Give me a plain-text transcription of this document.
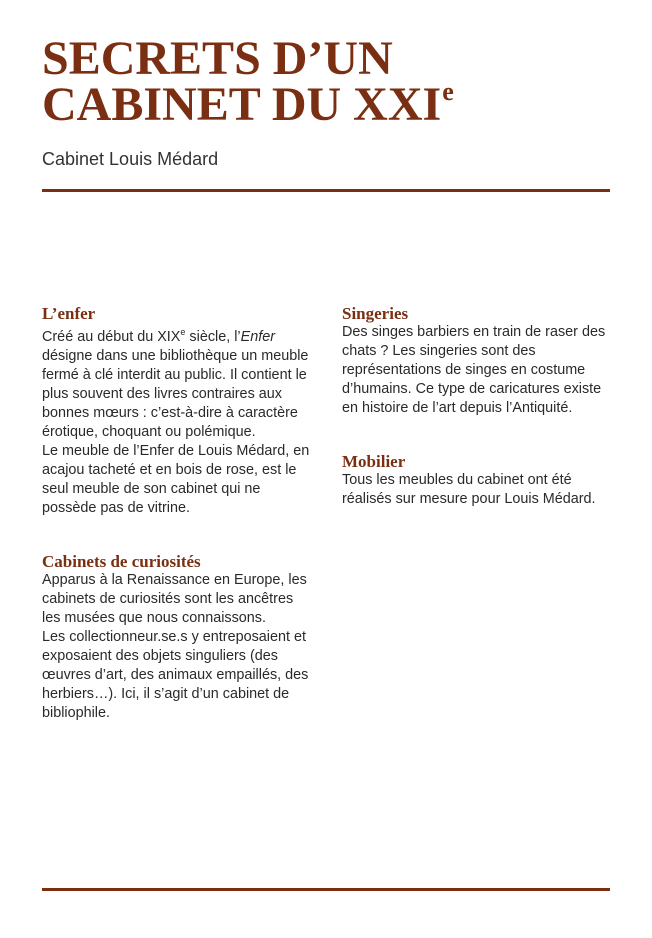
SECRETS D’UN
CABINET DU XXIe
Cabinet Louis Médard
L’enfer

Créé au début du XIXe siècle, l’Enfer désigne dans une bibliothèque un meuble fermé à clé interdit au public. Il contient le plus souvent des livres contraires aux bonnes mœurs : c’est-à-dire à caractère érotique, choquant ou polémique.

Le meuble de l’Enfer de Louis Médard, en acajou tacheté et en bois de rose, est le seul meuble de son cabinet qui ne possède pas de vitrine.

Cabinets de curiosités

Apparus à la Renaissance en Europe, les cabinets de curiosités sont les ancêtres les musées que nous connaissons.

Les collectionneur.se.s y entreposaient et exposaient des objets singuliers (des œuvres d’art, des animaux empaillés, des herbiers…). Ici, il s’agit d’un cabinet de bibliophile.

Singeries

Des singes barbiers en train de raser des chats ? Les singeries sont des représentations de singes en costume d’humains. Ce type de caricatures existe en histoire de l’art depuis l’Antiquité.

Mobilier

Tous les meubles du cabinet ont été réalisés sur mesure pour Louis Médard.
